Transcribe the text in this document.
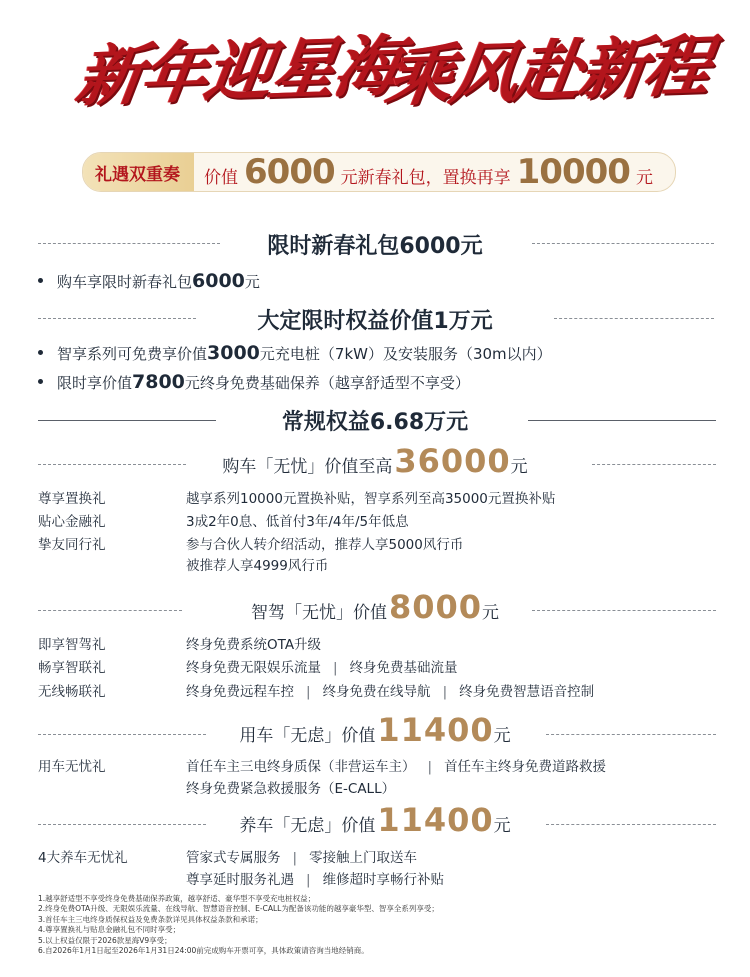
新年迎星海
乘风赴新程
礼遇双重奏	价值 6000 元新春礼包，置换再享 10000 元
限时新春礼包6000元
购车享限时新春礼包 6000 元
大定限时权益价值1万元
智享系列可免费享价值 3000 元充电桩（7kW）及安装服务（30m以内）
限时享价值 7800 元终身免费基础保养（越享舒适型不享受）
常规权益6.68万元
购车「无忧」价值至高 36000 元
尊享置换礼	越享系列10000元置换补贴，智享系列至高35000元置换补贴
贴心金融礼	3成2年0息、低首付3年/4年/5年低息
挚友同行礼	参与合伙人转介绍活动，推荐人享5000风行币
被推荐人享4999风行币
智驾「无忧」价值 8000 元
即享智驾礼	终身免费系统OTA升级
畅享智联礼	终身免费无限娱乐流量 | 终身免费基础流量
无线畅联礼	终身免费远程车控 | 终身免费在线导航 | 终身免费智慧语音控制
用车「无虑」价值 11400 元
用车无忧礼	首任车主三电终身质保（非营运车主） | 首任车主终身免费道路救援
终身免费紧急救援服务（E-CALL）
养车「无虑」价值 11400 元
4大养车无忧礼	管家式专属服务 | 零接触上门取送车
尊享延时服务礼遇 | 维修超时享畅行补贴
1.越享舒适型不享受终身免费基础保养政策，越享舒适、豪华型不享受充电桩权益；
2.终身免费OTA升级、无限娱乐流量、在线导航、智慧语音控制、E-CALL为配备该功能的越享豪华型、智享全系列享受；
3.首任车主三电终身质保权益及免费条款详见具体权益条款和承诺；
4.尊享置换礼与贴息金融礼包不同时享受；
5.以上权益仅限于2026款星海V9享受；
6.自2026年1月1日起至2026年1月31日24:00前完成购车开票可享，具体政策请咨询当地经销商。
